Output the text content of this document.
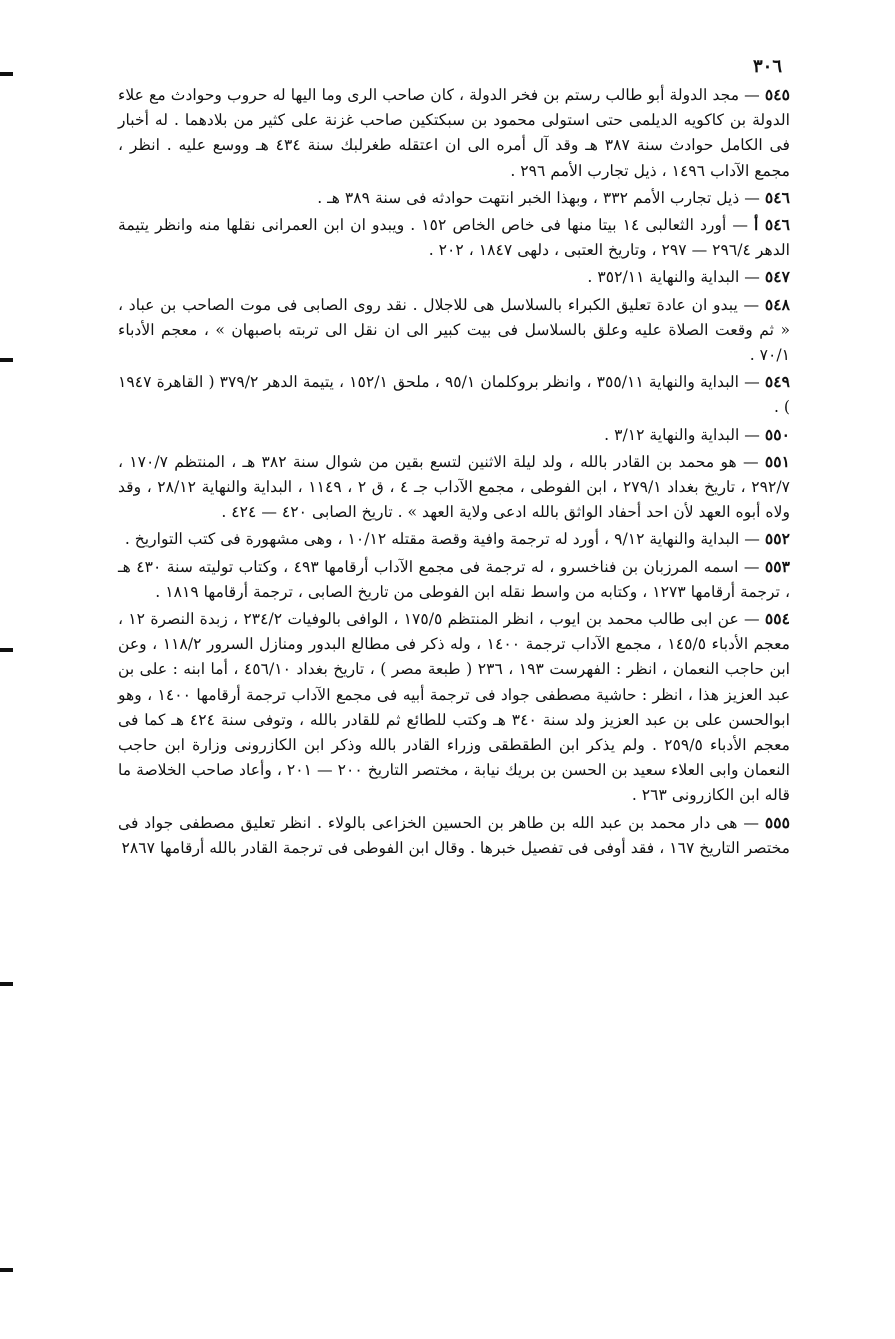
٣٠٦

٥٤٥ — مجد الدولة أبو طالب رستم بن فخر الدولة ، كان صاحب الرى وما اليها له حروب وحوادث مع علاء الدولة بن كاكويه الديلمى حتى استولى محمود بن سبكتكين صاحب غزنة على كثير من بلادهما . له أخبار فى الكامل حوادث سنة ٣٨٧ هـ وقد آل أمره الى ان اعتقله طغرلبك سنة ٤٣٤ هـ ووسع عليه . انظر ، مجمع الآداب ١٤٩٦ ، ذيل تجارب الأمم ٢٩٦ .

٥٤٦ — ذيل تجارب الأمم ٣٣٢ ، وبهذا الخبر انتهت حوادثه فى سنة ٣٨٩ هـ .

٥٤٦ أ — أورد الثعالبى ١٤ بيتا منها فى خاص الخاص ١٥٢ . ويبدو ان ابن العمرانى نقلها منه وانظر يتيمة الدهر ٢٩٦/٤ — ٢٩٧ ، وتاريخ العتبى ، دلهى ١٨٤٧ ، ٢٠٢ .

٥٤٧ — البداية والنهاية ٣٥٢/١١ .

٥٤٨ — يبدو ان عادة تعليق الكبراء بالسلاسل هى للاجلال . نقد روى الصابى فى موت الصاحب بن عباد ، « ثم وقعت الصلاة عليه وعلق بالسلاسل فى بيت كبير الى ان نقل الى تربته باصبهان » ، معجم الأدباء ٧٠/١ .

٥٤٩ — البداية والنهاية ٣٥٥/١١ ، وانظر بروكلمان ٩٥/١ ، ملحق ١٥٢/١ ، يتيمة الدهر ٣٧٩/٢ ( القاهرة ١٩٤٧ ) .

٥٥٠ — البداية والنهاية ٣/١٢ .

٥٥١ — هو محمد بن القادر بالله ، ولد ليلة الاثنين لتسع بقين من شوال سنة ٣٨٢ هـ ، المنتظم ١٧٠/٧ ، ٢٩٢/٧ ، تاريخ بغداد ٢٧٩/١ ، ابن الفوطى ، مجمع الآداب جـ ٤ ، ق ٢ ، ١١٤٩ ، البداية والنهاية ٢٨/١٢ ، وقد ولاه أبوه العهد لأن احد أحفاد الواثق بالله ادعى ولاية العهد » . تاريخ الصابى ٤٢٠ — ٤٢٤ .

٥٥٢ — البداية والنهاية ٩/١٢ ، أورد له ترجمة وافية وقصة مقتله ١٠/١٢ ، وهى مشهورة فى كتب التواريخ .

٥٥٣ — اسمه المرزبان بن فناخسرو ، له ترجمة فى مجمع الآداب أرقامها ٤٩٣ ، وكتاب توليته سنة ٤٣٠ هـ ، ترجمة أرقامها ١٢٧٣ ، وكتابه من واسط نقله ابن الفوطى من تاريخ الصابى ، ترجمة أرقامها ١٨١٩ .

٥٥٤ — عن ابى طالب محمد بن ايوب ، انظر المنتظم ١٧٥/٥ ، الوافى بالوفيات ٢٣٤/٢ ، زبدة النصرة ١٢ ، معجم الأدباء ١٤٥/٥ ، مجمع الآداب ترجمة ١٤٠٠ ، وله ذكر فى مطالع البدور ومنازل السرور ١١٨/٢ ، وعن ابن حاجب النعمان ، انظر : الفهرست ١٩٣ ، ٢٣٦ ( طبعة مصر ) ، تاريخ بغداد ٤٥٦/١٠ ، أما ابنه : على بن عبد العزيز هذا ، انظر : حاشية مصطفى جواد فى ترجمة أبيه فى مجمع الآداب ترجمة أرقامها ١٤٠٠ ، وهو ابوالحسن على بن عبد العزيز ولد سنة ٣٤٠ هـ وكتب للطائع ثم للقادر بالله ، وتوفى سنة ٤٢٤ هـ كما فى معجم الأدباء ٢٥٩/٥ . ولم يذكر ابن الطقطقى وزراء القادر بالله وذكر ابن الكازرونى وزارة ابن حاجب النعمان وابى العلاء سعيد بن الحسن بن بريك نيابة ، مختصر التاريخ ٢٠٠ — ٢٠١ ، وأعاد صاحب الخلاصة ما قاله ابن الكازرونى ٢٦٣ .

٥٥٥ — هى دار محمد بن عبد الله بن طاهر بن الحسين الخزاعى بالولاء . انظر تعليق مصطفى جواد فى مختصر التاريخ ١٦٧ ، فقد أوفى فى تفصيل خبرها . وقال ابن الفوطى فى ترجمة القادر بالله أرقامها ٢٨٦٧
